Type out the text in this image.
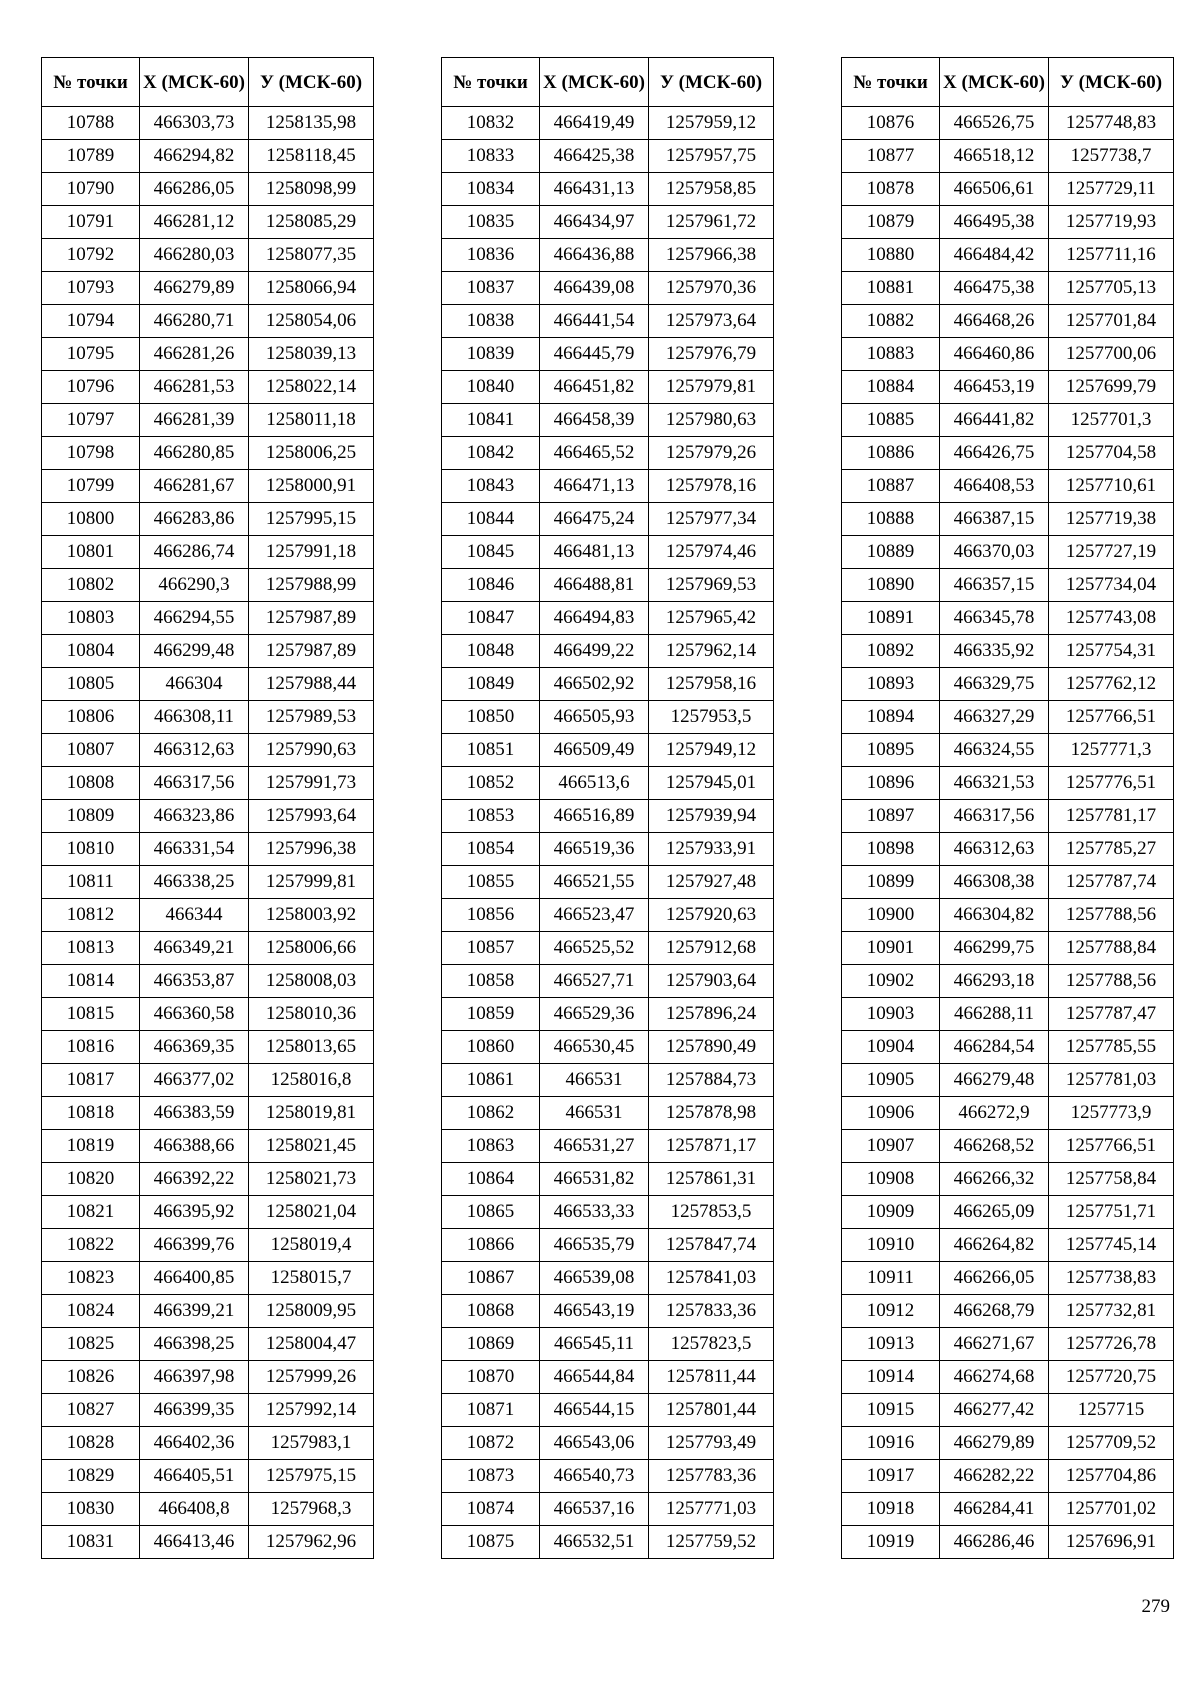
№ точки	Х (МСК-60)	У (МСК-60)
10788	466303,73	1258135,98
10789	466294,82	1258118,45
10790	466286,05	1258098,99
10791	466281,12	1258085,29
10792	466280,03	1258077,35
10793	466279,89	1258066,94
10794	466280,71	1258054,06
10795	466281,26	1258039,13
10796	466281,53	1258022,14
10797	466281,39	1258011,18
10798	466280,85	1258006,25
10799	466281,67	1258000,91
10800	466283,86	1257995,15
10801	466286,74	1257991,18
10802	466290,3	1257988,99
10803	466294,55	1257987,89
10804	466299,48	1257987,89
10805	466304	1257988,44
10806	466308,11	1257989,53
10807	466312,63	1257990,63
10808	466317,56	1257991,73
10809	466323,86	1257993,64
10810	466331,54	1257996,38
10811	466338,25	1257999,81
10812	466344	1258003,92
10813	466349,21	1258006,66
10814	466353,87	1258008,03
10815	466360,58	1258010,36
10816	466369,35	1258013,65
10817	466377,02	1258016,8
10818	466383,59	1258019,81
10819	466388,66	1258021,45
10820	466392,22	1258021,73
10821	466395,92	1258021,04
10822	466399,76	1258019,4
10823	466400,85	1258015,7
10824	466399,21	1258009,95
10825	466398,25	1258004,47
10826	466397,98	1257999,26
10827	466399,35	1257992,14
10828	466402,36	1257983,1
10829	466405,51	1257975,15
10830	466408,8	1257968,3
10831	466413,46	1257962,96
№ точки	Х (МСК-60)	У (МСК-60)
10832	466419,49	1257959,12
10833	466425,38	1257957,75
10834	466431,13	1257958,85
10835	466434,97	1257961,72
10836	466436,88	1257966,38
10837	466439,08	1257970,36
10838	466441,54	1257973,64
10839	466445,79	1257976,79
10840	466451,82	1257979,81
10841	466458,39	1257980,63
10842	466465,52	1257979,26
10843	466471,13	1257978,16
10844	466475,24	1257977,34
10845	466481,13	1257974,46
10846	466488,81	1257969,53
10847	466494,83	1257965,42
10848	466499,22	1257962,14
10849	466502,92	1257958,16
10850	466505,93	1257953,5
10851	466509,49	1257949,12
10852	466513,6	1257945,01
10853	466516,89	1257939,94
10854	466519,36	1257933,91
10855	466521,55	1257927,48
10856	466523,47	1257920,63
10857	466525,52	1257912,68
10858	466527,71	1257903,64
10859	466529,36	1257896,24
10860	466530,45	1257890,49
10861	466531	1257884,73
10862	466531	1257878,98
10863	466531,27	1257871,17
10864	466531,82	1257861,31
10865	466533,33	1257853,5
10866	466535,79	1257847,74
10867	466539,08	1257841,03
10868	466543,19	1257833,36
10869	466545,11	1257823,5
10870	466544,84	1257811,44
10871	466544,15	1257801,44
10872	466543,06	1257793,49
10873	466540,73	1257783,36
10874	466537,16	1257771,03
10875	466532,51	1257759,52
№ точки	Х (МСК-60)	У (МСК-60)
10876	466526,75	1257748,83
10877	466518,12	1257738,7
10878	466506,61	1257729,11
10879	466495,38	1257719,93
10880	466484,42	1257711,16
10881	466475,38	1257705,13
10882	466468,26	1257701,84
10883	466460,86	1257700,06
10884	466453,19	1257699,79
10885	466441,82	1257701,3
10886	466426,75	1257704,58
10887	466408,53	1257710,61
10888	466387,15	1257719,38
10889	466370,03	1257727,19
10890	466357,15	1257734,04
10891	466345,78	1257743,08
10892	466335,92	1257754,31
10893	466329,75	1257762,12
10894	466327,29	1257766,51
10895	466324,55	1257771,3
10896	466321,53	1257776,51
10897	466317,56	1257781,17
10898	466312,63	1257785,27
10899	466308,38	1257787,74
10900	466304,82	1257788,56
10901	466299,75	1257788,84
10902	466293,18	1257788,56
10903	466288,11	1257787,47
10904	466284,54	1257785,55
10905	466279,48	1257781,03
10906	466272,9	1257773,9
10907	466268,52	1257766,51
10908	466266,32	1257758,84
10909	466265,09	1257751,71
10910	466264,82	1257745,14
10911	466266,05	1257738,83
10912	466268,79	1257732,81
10913	466271,67	1257726,78
10914	466274,68	1257720,75
10915	466277,42	1257715
10916	466279,89	1257709,52
10917	466282,22	1257704,86
10918	466284,41	1257701,02
10919	466286,46	1257696,91
279
